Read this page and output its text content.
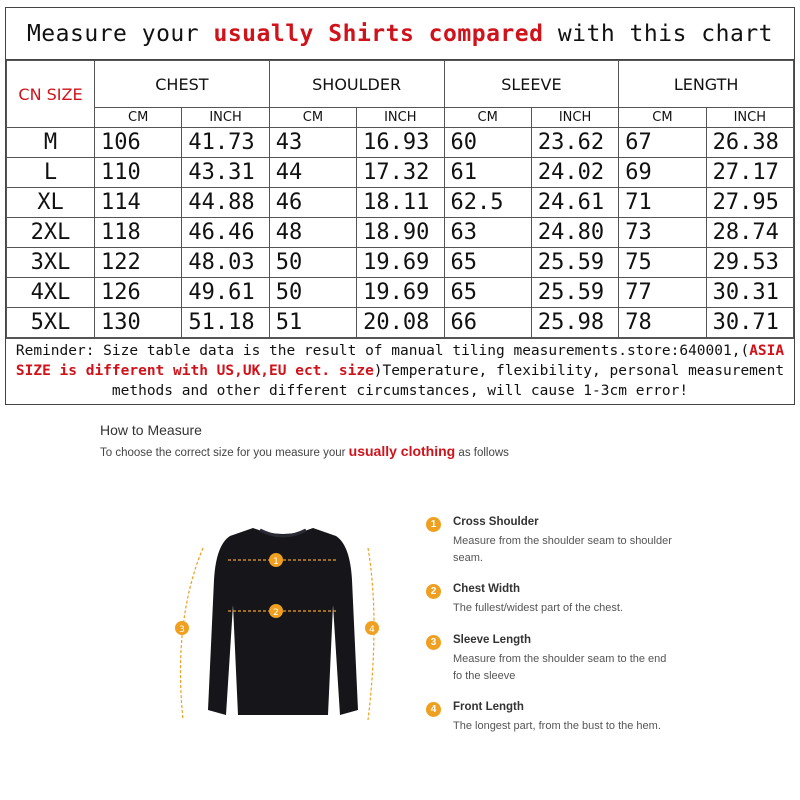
Measure your usually Shirts compared with this chart
CN SIZE	CHEST		SHOULDER		SLEEVE		LENGTH	
	CM	INCH	CM	INCH	CM	INCH	CM	INCH
M	106	41.73	43	16.93	60	23.62	67	26.38
L	110	43.31	44	17.32	61	24.02	69	27.17
XL	114	44.88	46	18.11	62.5	24.61	71	27.95
2XL	118	46.46	48	18.90	63	24.80	73	28.74
3XL	122	48.03	50	19.69	65	25.59	75	29.53
4XL	126	49.61	50	19.69	65	25.59	77	30.31
5XL	130	51.18	51	20.08	66	25.98	78	30.71
Reminder: Size table data is the result of manual tiling measurements.store:640001,(ASIA SIZE is different with US,UK,EU ect. size)Temperature, flexibility, personal measurement methods and other different circumstances, will cause 1-3cm error!
How to Measure
To choose the correct size for you measure your usually clothing as follows
1
2
3	4
1	Cross Shoulder
Measure from the shoulder seam to shoulder seam.
2	Chest Width
The fullest/widest part of the chest.
3	Sleeve Length
Measure from the shoulder seam to the end fo the sleeve
4	Front Length
The longest part, from the bust to the hem.
